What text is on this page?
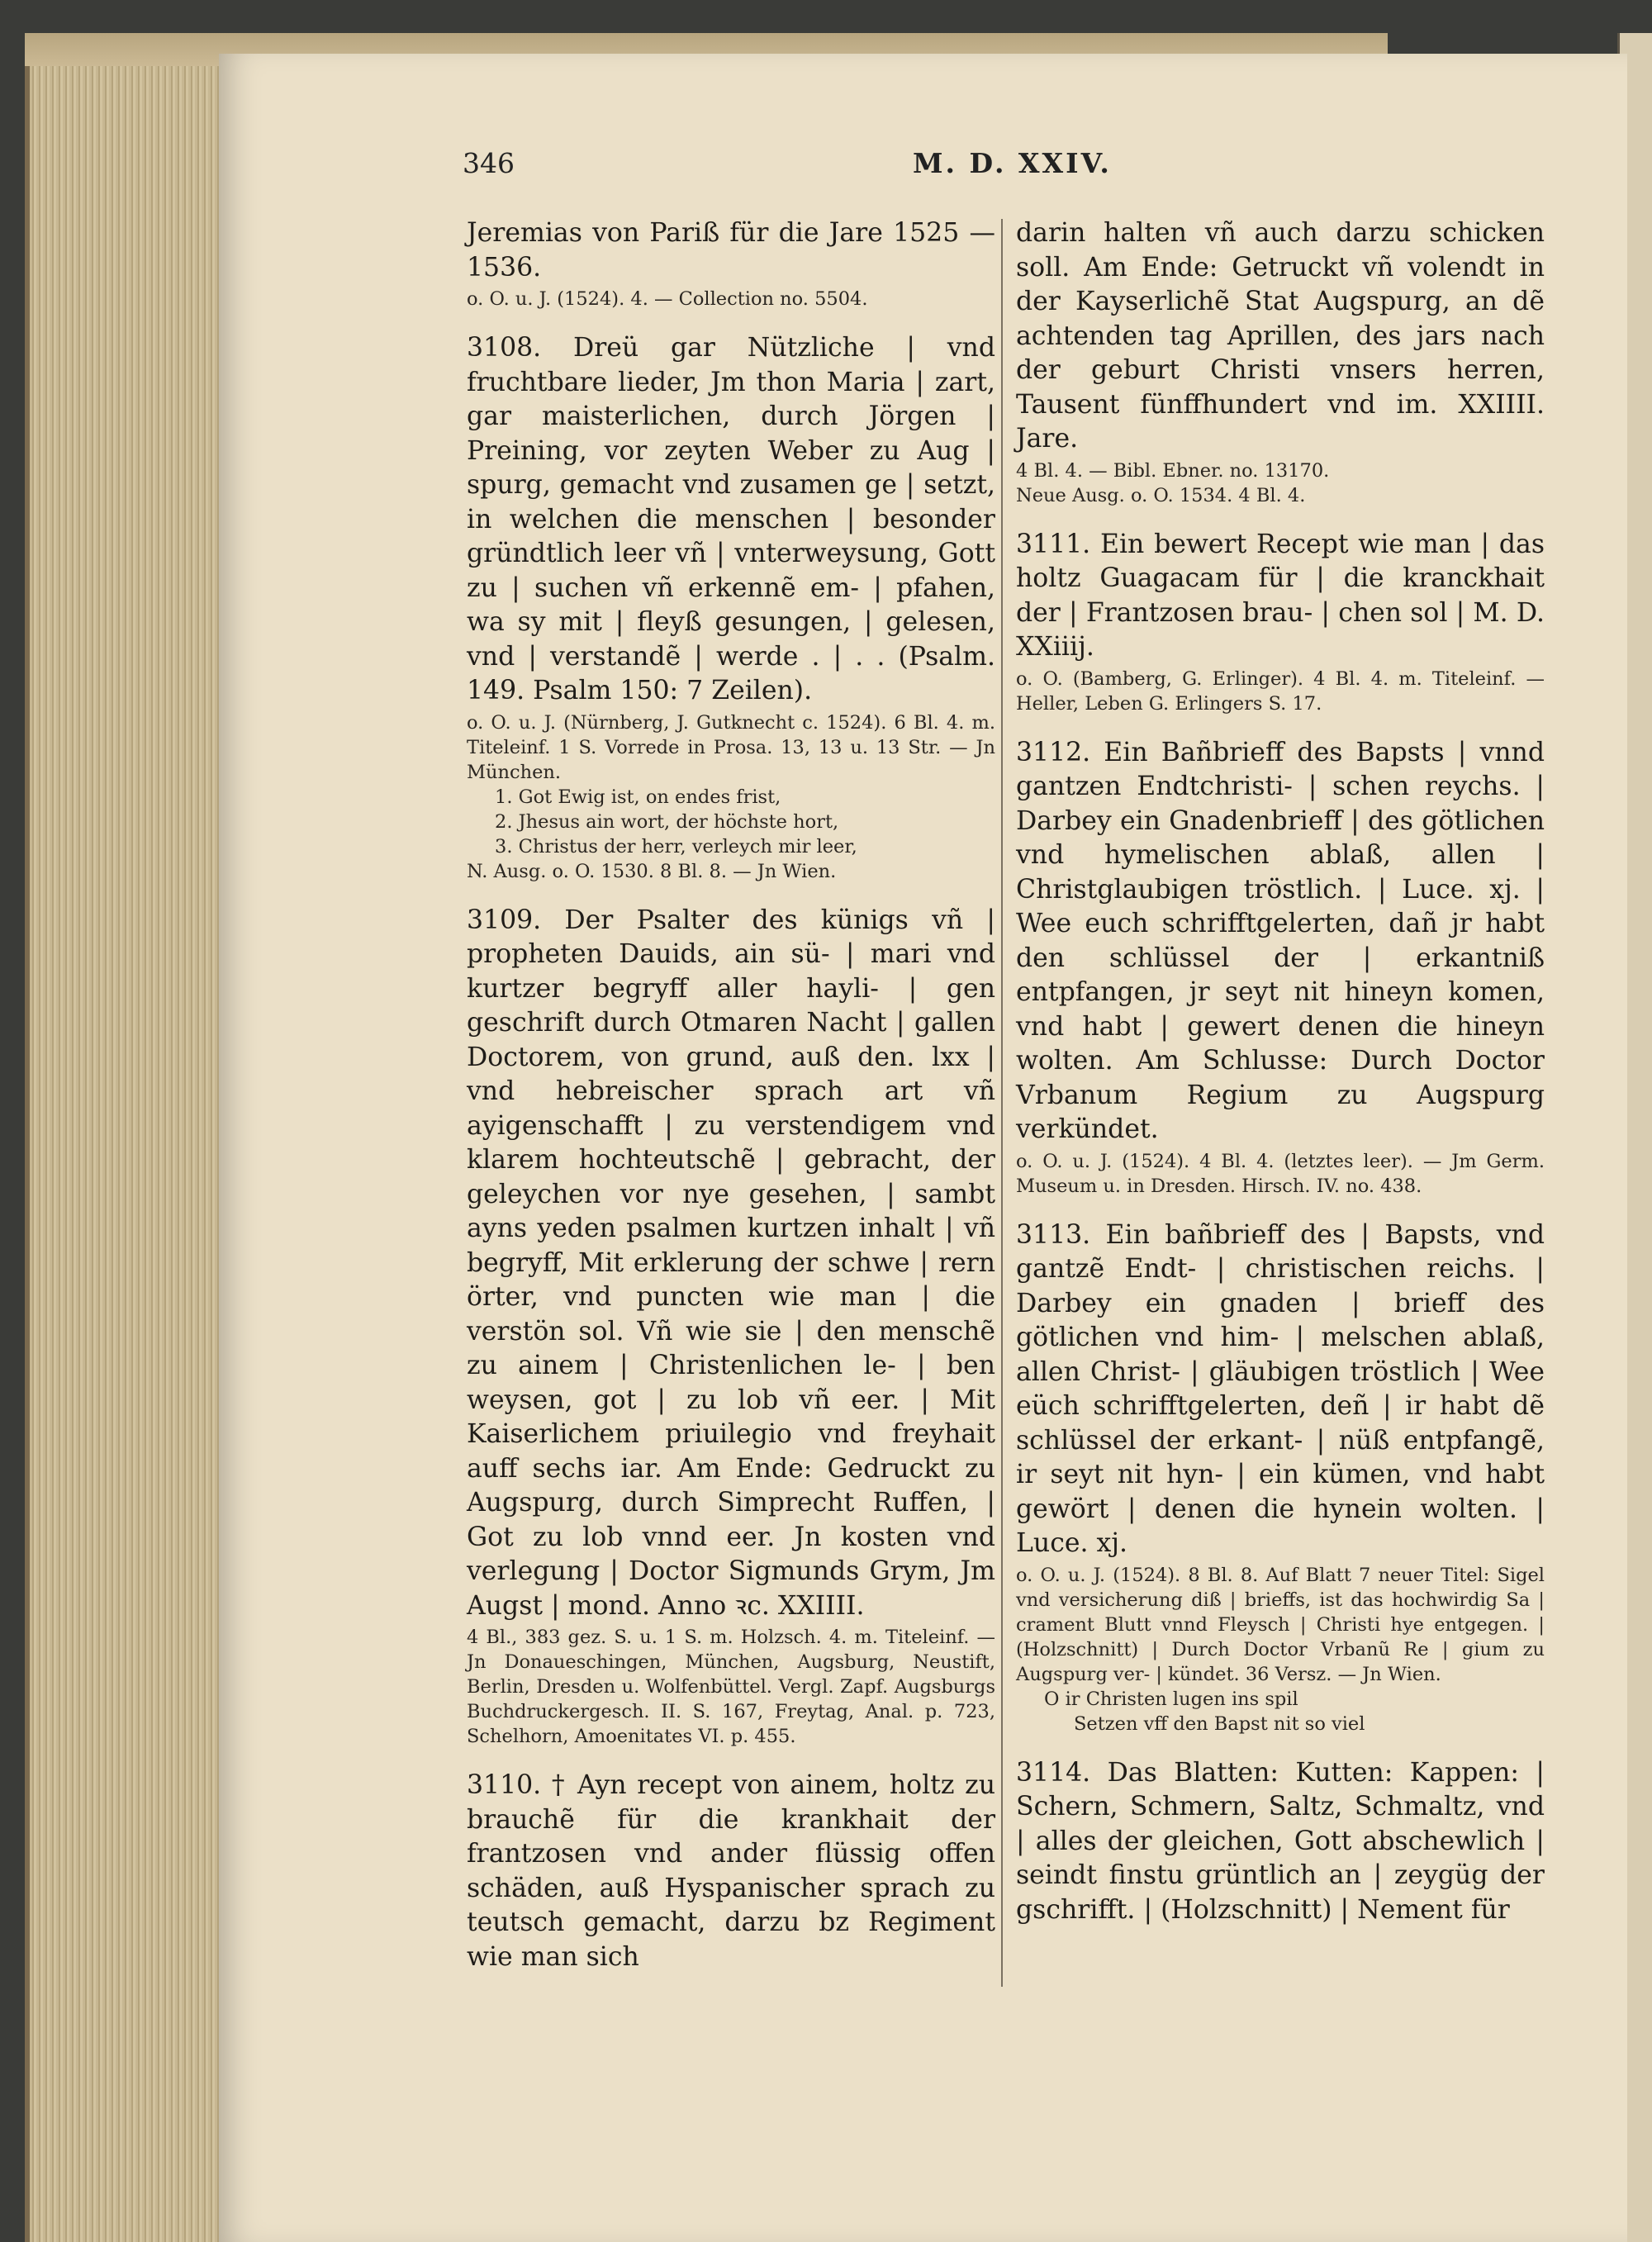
346	M. D. XXIV.
Jeremias von Pariß für die Jare 1525 —1536.
o. O. u. J. (1524). 4. — Collection no. 5504.
3108. Dreü gar Nützliche | vnd fruchtbare lieder, Jm thon Maria | zart, gar maisterlichen, durch Jörgen | Preining, vor zeyten Weber zu Aug | spurg, gemacht vnd zusamen ge | setzt, in welchen die menschen | besonder gründtlich leer vñ | vnterweysung, Gott zu | suchen vñ erkennẽ em- | pfahen, wa sy mit | fleyß gesungen, | gelesen, vnd | verstandẽ | werde . | . . (Psalm. 149. Psalm 150: 7 Zeilen).
o. O. u. J. (Nürnberg, J. Gutknecht c. 1524). 6 Bl. 4. m. Titeleinf. 1 S. Vorrede in Prosa. 13, 13 u. 13 Str. — Jn München.
1. Got Ewig ist, on endes frist,
2. Jhesus ain wort, der höchste hort,
3. Christus der herr, verleych mir leer,
N. Ausg. o. O. 1530. 8 Bl. 8. — Jn Wien.
3109. Der Psalter des künigs vñ | propheten Dauids, ain sü- | mari vnd kurtzer begryff aller hayli- | gen geschrift durch Otmaren Nacht | gallen Doctorem, von grund, auß den. lxx | vnd hebreischer sprach art vñ ayigenschafft | zu verstendigem vnd klarem hochteutschẽ | gebracht, der geleychen vor nye gesehen, | sambt ayns yeden psalmen kurtzen inhalt | vñ begryff, Mit erklerung der schwe | rern örter, vnd puncten wie man | die verstön sol. Vñ wie sie | den menschẽ zu ainem | Christenlichen le- | ben weysen, got | zu lob vñ eer. | Mit Kaiserlichem priuilegio vnd freyhait auff sechs iar. Am Ende: Gedruckt zu Augspurg, durch Simprecht Ruffen, | Got zu lob vnnd eer. Jn kosten vnd verlegung | Doctor Sigmunds Grym, Jm Augst | mond. Anno ꝛc. XXIIII.
4 Bl., 383 gez. S. u. 1 S. m. Holzsch. 4. m. Titeleinf. — Jn Donaueschingen, München, Augsburg, Neustift, Berlin, Dresden u. Wolfenbüttel. Vergl. Zapf. Augsburgs Buchdruckergesch. II. S. 167, Freytag, Anal. p. 723, Schelhorn, Amoenitates VI. p. 455.
3110. † Ayn recept von ainem, holtz zu brauchẽ für die krankhait der frantzosen vnd ander flüssig offen schäden, auß Hyspanischer sprach zu teutsch gemacht, darzu bz Regiment wie man sich
darin halten vñ auch darzu schicken soll. Am Ende: Getruckt vñ volendt in der Kayserlichẽ Stat Augspurg, an dẽ achtenden tag Aprillen, des jars nach der geburt Christi vnsers herren, Tausent fünffhundert vnd im. XXIIII. Jare.
4 Bl. 4. — Bibl. Ebner. no. 13170.
Neue Ausg. o. O. 1534. 4 Bl. 4.
3111. Ein bewert Recept wie man | das holtz Guagacam für | die kranckhait der | Frantzosen brau- | chen sol | M. D. XXiiij.
o. O. (Bamberg, G. Erlinger). 4 Bl. 4. m. Titeleinf. — Heller, Leben G. Erlingers S. 17.
3112. Ein Bañbrieff des Bapsts | vnnd gantzen Endtchristi- | schen reychs. | Darbey ein Gnadenbrieff | des götlichen vnd hymelischen ablaß, allen | Christglaubigen tröstlich. | Luce. xj. | Wee euch schrifftgelerten, dañ jr habt den schlüssel der | erkantniß entpfangen, jr seyt nit hineyn komen, vnd habt | gewert denen die hineyn wolten. Am Schlusse: Durch Doctor Vrbanum Regium zu Augspurg verkündet.
o. O. u. J. (1524). 4 Bl. 4. (letztes leer). — Jm Germ. Museum u. in Dresden. Hirsch. IV. no. 438.
3113. Ein bañbrieff des | Bapsts, vnd gantzẽ Endt- | christischen reichs. | Darbey ein gnaden | brieff des götlichen vnd him- | melschen ablaß, allen Christ- | gläubigen tröstlich | Wee eüch schrifftgelerten, deñ | ir habt dẽ schlüssel der erkant- | nüß entpfangẽ, ir seyt nit hyn- | ein kümen, vnd habt gewört | denen die hynein wolten. | Luce. xj.
o. O. u. J. (1524). 8 Bl. 8. Auf Blatt 7 neuer Titel: Sigel vnd versicherung diß | brieffs, ist das hochwirdig Sa | crament Blutt vnnd Fleysch | Christi hye entgegen. | (Holzschnitt) | Durch Doctor Vrbanũ Re | gium zu Augspurg ver- | kündet. 36 Versz. — Jn Wien.
O ir Christen lugen ins spil
Setzen vff den Bapst nit so viel
3114. Das Blatten: Kutten: Kappen: | Schern, Schmern, Saltz, Schmaltz, vnd | alles der gleichen, Gott abschewlich | seindt finstu grüntlich an | zeygüg der gschrifft. | (Holzschnitt) | Nement für
